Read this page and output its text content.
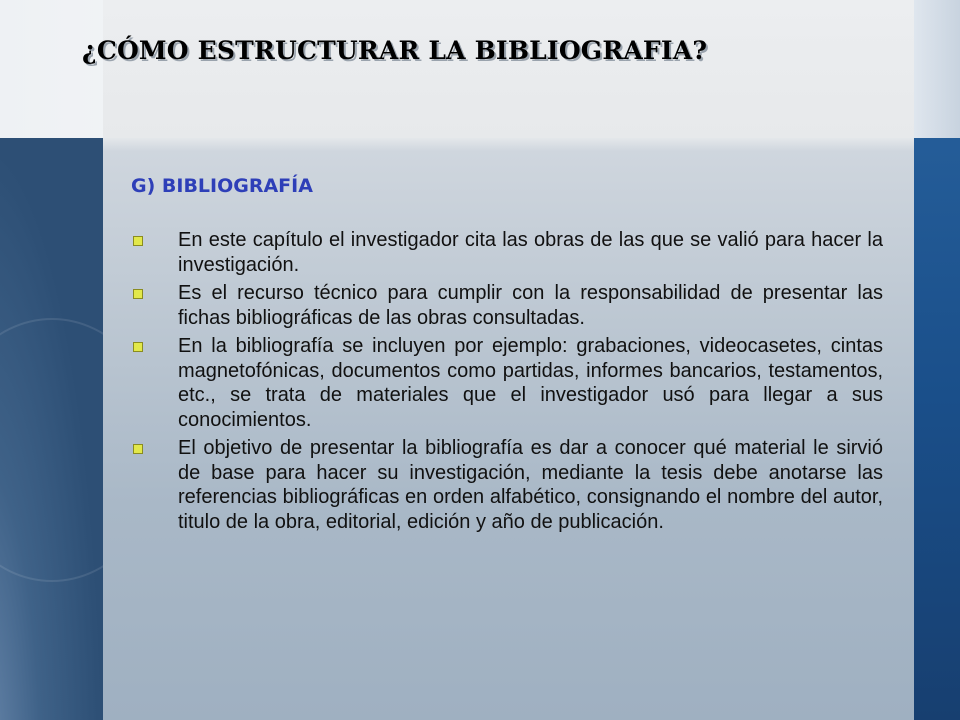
¿CÓMO ESTRUCTURAR LA BIBLIOGRAFIA?
G) BIBLIOGRAFÍA
En este capítulo el investigador cita las obras de las que se valió para hacer la investigación.
Es el recurso técnico para cumplir con la responsabilidad de presentar las fichas bibliográficas de las obras consultadas.
En la bibliografía se incluyen por ejemplo: grabaciones, videocasetes, cintas magnetofónicas, documentos como partidas, informes bancarios, testamentos, etc., se trata de materiales que el investigador usó para llegar a sus conocimientos.
El objetivo de presentar la bibliografía es dar a conocer qué material le sirvió de base para hacer su investigación, mediante la tesis debe anotarse las referencias bibliográficas en orden alfabético, consignando el nombre del autor, titulo de la obra, editorial, edición y año de publicación.
